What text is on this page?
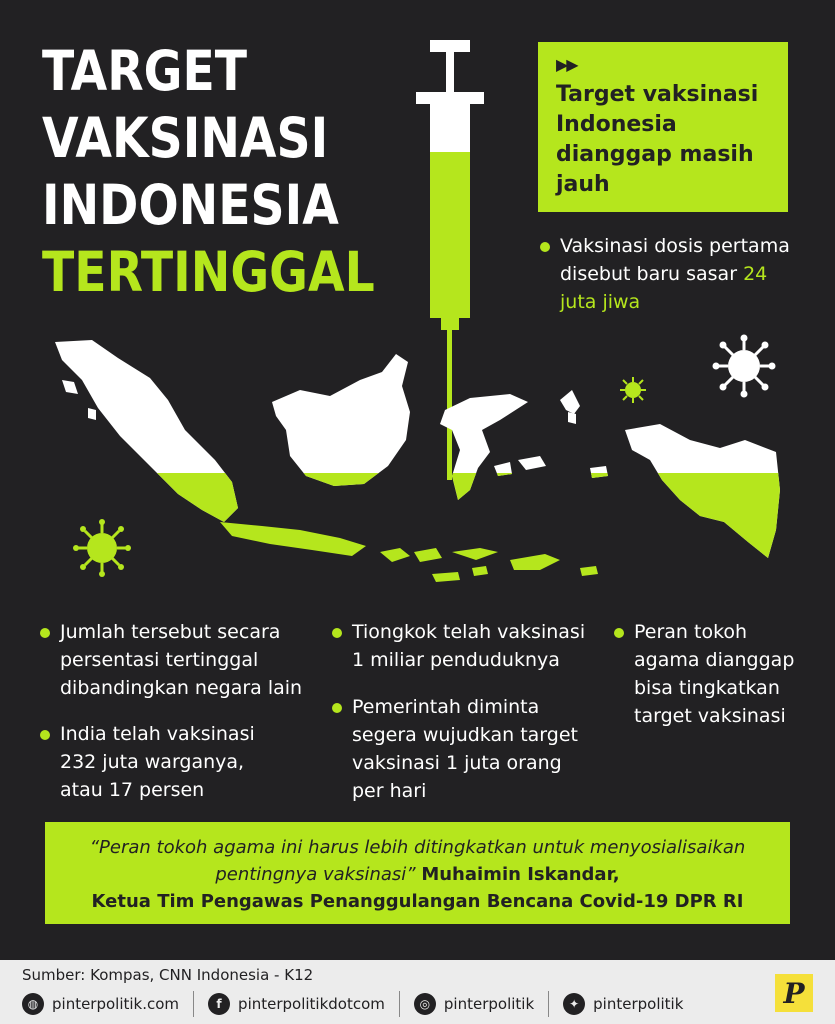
TARGET
VAKSINASI
INDONESIA
TERTINGGAL
▶▶
Target vaksinasi Indonesia dianggap masih jauh
Vaksinasi dosis pertama disebut baru sasar 24 juta jiwa
Jumlah tersebut secara persentasi tertinggal dibandingkan negara lain
India telah vaksinasi 232 juta warganya, atau 17 persen
Tiongkok telah vaksinasi 1 miliar penduduknya
Pemerintah diminta segera wujudkan target vaksinasi 1 juta orang per hari
Peran tokoh agama dianggap bisa tingkatkan target vaksinasi
“Peran tokoh agama ini harus lebih ditingkatkan untuk menyosialisaikan pentingnya vaksinasi” Muhaimin Iskandar,
Ketua Tim Pengawas Penanggulangan Bencana Covid-19 DPR RI
Sumber: Kompas, CNN Indonesia - K12
◍ pinterpolitik.com	f	pinterpolitikdotcom	◎ pinterpolitik	✦ pinterpolitik	P
